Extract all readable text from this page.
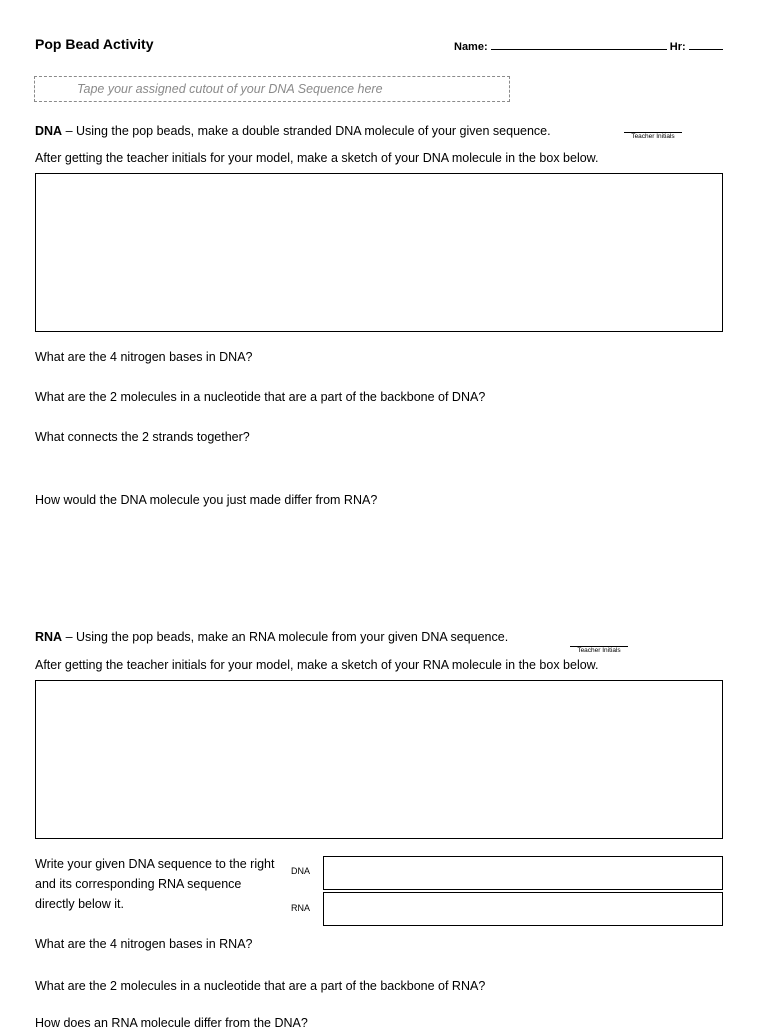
Pop Bead Activity	Name:	Hr:
Tape your assigned cutout of your DNA Sequence here
DNA – Using the pop beads, make a double stranded DNA molecule of your given sequence.	Teacher Initials
After getting the teacher initials for your model, make a sketch of your DNA molecule in the box below.
What are the 4 nitrogen bases in DNA?
What are the 2 molecules in a nucleotide that are a part of the backbone of DNA?
What connects the 2 strands together?
How would the DNA molecule you just made differ from RNA?
RNA – Using the pop beads, make an RNA molecule from your given DNA sequence.
Teacher Initials
After getting the teacher initials for your model, make a sketch of your RNA molecule in the box below.
Write your given DNA sequence to the right and its corresponding RNA sequence directly below it.
DNA
RNA
What are the 4 nitrogen bases in RNA?
What are the 2 molecules in a nucleotide that are a part of the backbone of RNA?
How does an RNA molecule differ from the DNA?
